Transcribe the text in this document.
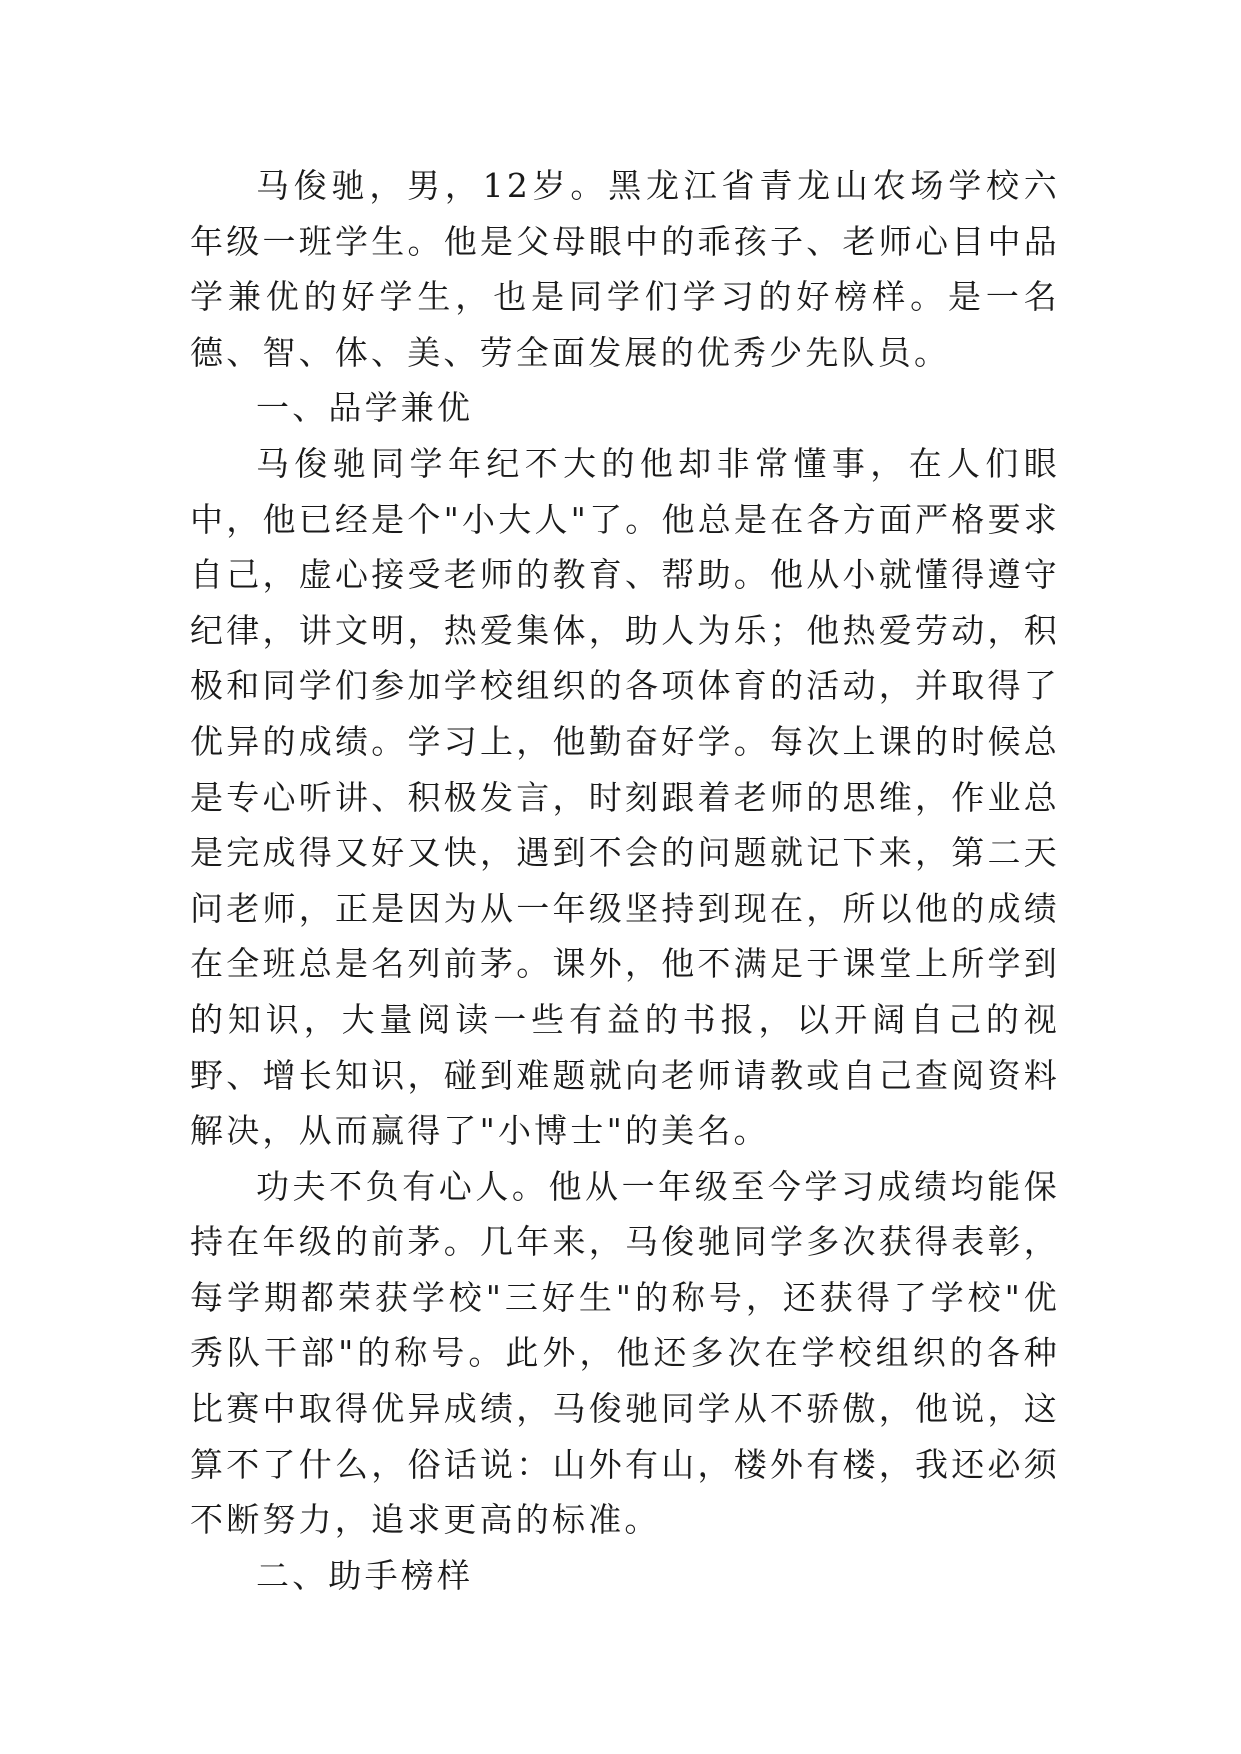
马俊驰，男，12岁。黑龙江省青龙山农场学校六年级一班学生。他是父母眼中的乖孩子、老师心目中品学兼优的好学生，也是同学们学习的好榜样。是一名德、智、体、美、劳全面发展的优秀少先队员。

一、品学兼优

马俊驰同学年纪不大的他却非常懂事，在人们眼中，他已经是个"小大人"了。他总是在各方面严格要求自己，虚心接受老师的教育、帮助。他从小就懂得遵守纪律，讲文明，热爱集体，助人为乐；他热爱劳动，积极和同学们参加学校组织的各项体育的活动，并取得了优异的成绩。学习上，他勤奋好学。每次上课的时候总是专心听讲、积极发言，时刻跟着老师的思维，作业总是完成得又好又快，遇到不会的问题就记下来，第二天问老师，正是因为从一年级坚持到现在，所以他的成绩在全班总是名列前茅。课外，他不满足于课堂上所学到的知识，大量阅读一些有益的书报，以开阔自己的视野、增长知识，碰到难题就向老师请教或自己查阅资料解决，从而赢得了"小博士"的美名。

功夫不负有心人。他从一年级至今学习成绩均能保持在年级的前茅。几年来，马俊驰同学多次获得表彰，每学期都荣获学校"三好生"的称号，还获得了学校"优秀队干部"的称号。此外，他还多次在学校组织的各种比赛中取得优异成绩，马俊驰同学从不骄傲，他说，这算不了什么，俗话说：山外有山，楼外有楼，我还必须不断努力，追求更高的标准。

二、助手榜样
